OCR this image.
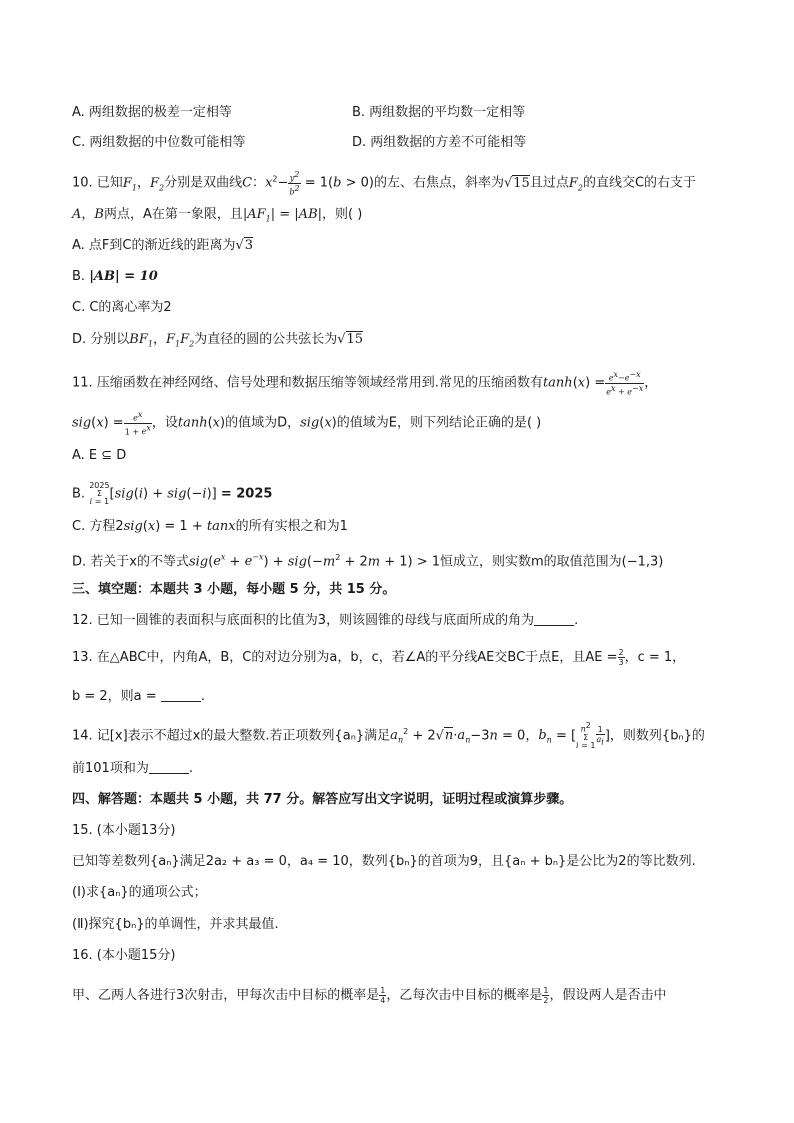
A. 两组数据的极差一定相等	B. 两组数据的平均数一定相等
C. 两组数据的中位数可能相等	D. 两组数据的方差不可能相等
10. 已知$F_1$，$F_2$分别是双曲线C：$x^2- \frac{y^2}{b^2} = 1(b > 0)$的左、右焦点，斜率为√15且过点$F_2$的直线交C的右支于
A，B两点，A在第一象限，且$|AF_1| = |AB|$，则( )
A. 点F到C的渐近线的距离为√3
B. |AB| = 10
C. C的离心率为2
D. 分别以$BF_1$，$F_1F_2$为直径的圆的公共弦长为√15
11. 压缩函数在神经网络、信号处理和数据压缩等领域经常用到.常见的压缩函数有$\tanh(x) = \frac{e^x-e^{-x}}{e^x + e^{-x}}$ ，
$sig(x) = \frac{e^x}{1 + e^x}$ ，设tanh(x)的值域为D，sig(x)的值域为E，则下列结论正确的是( )
A. E ⊆ D
B. 2025
Σ
i = 1[sig(i) + sig(−i)] = 2025
C. 方程2sig(x) = 1 + tanx的所有实根之和为1
D. 若关于x的不等式$sig(e^x + e^{-x}) + sig(-m^2 + 2m + 1) > 1$恒成立，则实数m的取值范围为(−1,3)
三、填空题：本题共 3 小题，每小题 5 分，共 15 分。
12. 已知一圆锥的表面积与底面积的比值为3，则该圆锥的母线与底面所成的角为	.
13. 在△ABC中，内角A，B，C的对边分别为a，b，c，若∠A的平分线AE交BC于点E，且AE = $\frac{2}{3}$ ，c = 1，
b = 2，则a =	.
14. 记[x]表示不超过x的最大整数.若正项数列{aₙ}满足$a_n^2 + 2√n\cdot a_n-3n = 0$，$b_n$ = [ $n^2$
Σ
$i = 1 \frac{1}{a_i}$ ]，则数列{bₙ}的
前101项和为	.
四、解答题：本题共 5 小题，共 77 分。解答应写出文字说明，证明过程或演算步骤。
15. (本小题13分)
已知等差数列{aₙ}满足2a₂ + a₃ = 0，a₄ = 10，数列{bₙ}的首项为9，且{aₙ + bₙ}是公比为2的等比数列.
(Ⅰ)求{aₙ}的通项公式；
(Ⅱ)探究{bₙ}的单调性，并求其最值.
16. (本小题15分)
甲、乙两人各进行3次射击，甲每次击中目标的概率是 $\frac{1}{4}$ ，乙每次击中目标的概率是 $\frac{1}{2}$ ，假设两人是否击中
